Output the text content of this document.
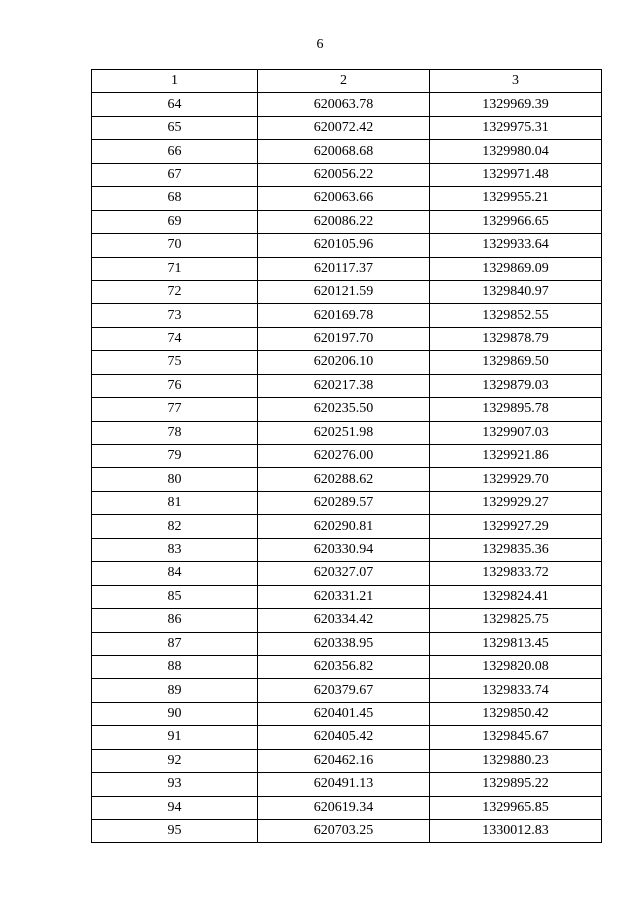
6
1	2	3
64	620063.78	1329969.39
65	620072.42	1329975.31
66	620068.68	1329980.04
67	620056.22	1329971.48
68	620063.66	1329955.21
69	620086.22	1329966.65
70	620105.96	1329933.64
71	620117.37	1329869.09
72	620121.59	1329840.97
73	620169.78	1329852.55
74	620197.70	1329878.79
75	620206.10	1329869.50
76	620217.38	1329879.03
77	620235.50	1329895.78
78	620251.98	1329907.03
79	620276.00	1329921.86
80	620288.62	1329929.70
81	620289.57	1329929.27
82	620290.81	1329927.29
83	620330.94	1329835.36
84	620327.07	1329833.72
85	620331.21	1329824.41
86	620334.42	1329825.75
87	620338.95	1329813.45
88	620356.82	1329820.08
89	620379.67	1329833.74
90	620401.45	1329850.42
91	620405.42	1329845.67
92	620462.16	1329880.23
93	620491.13	1329895.22
94	620619.34	1329965.85
95	620703.25	1330012.83
